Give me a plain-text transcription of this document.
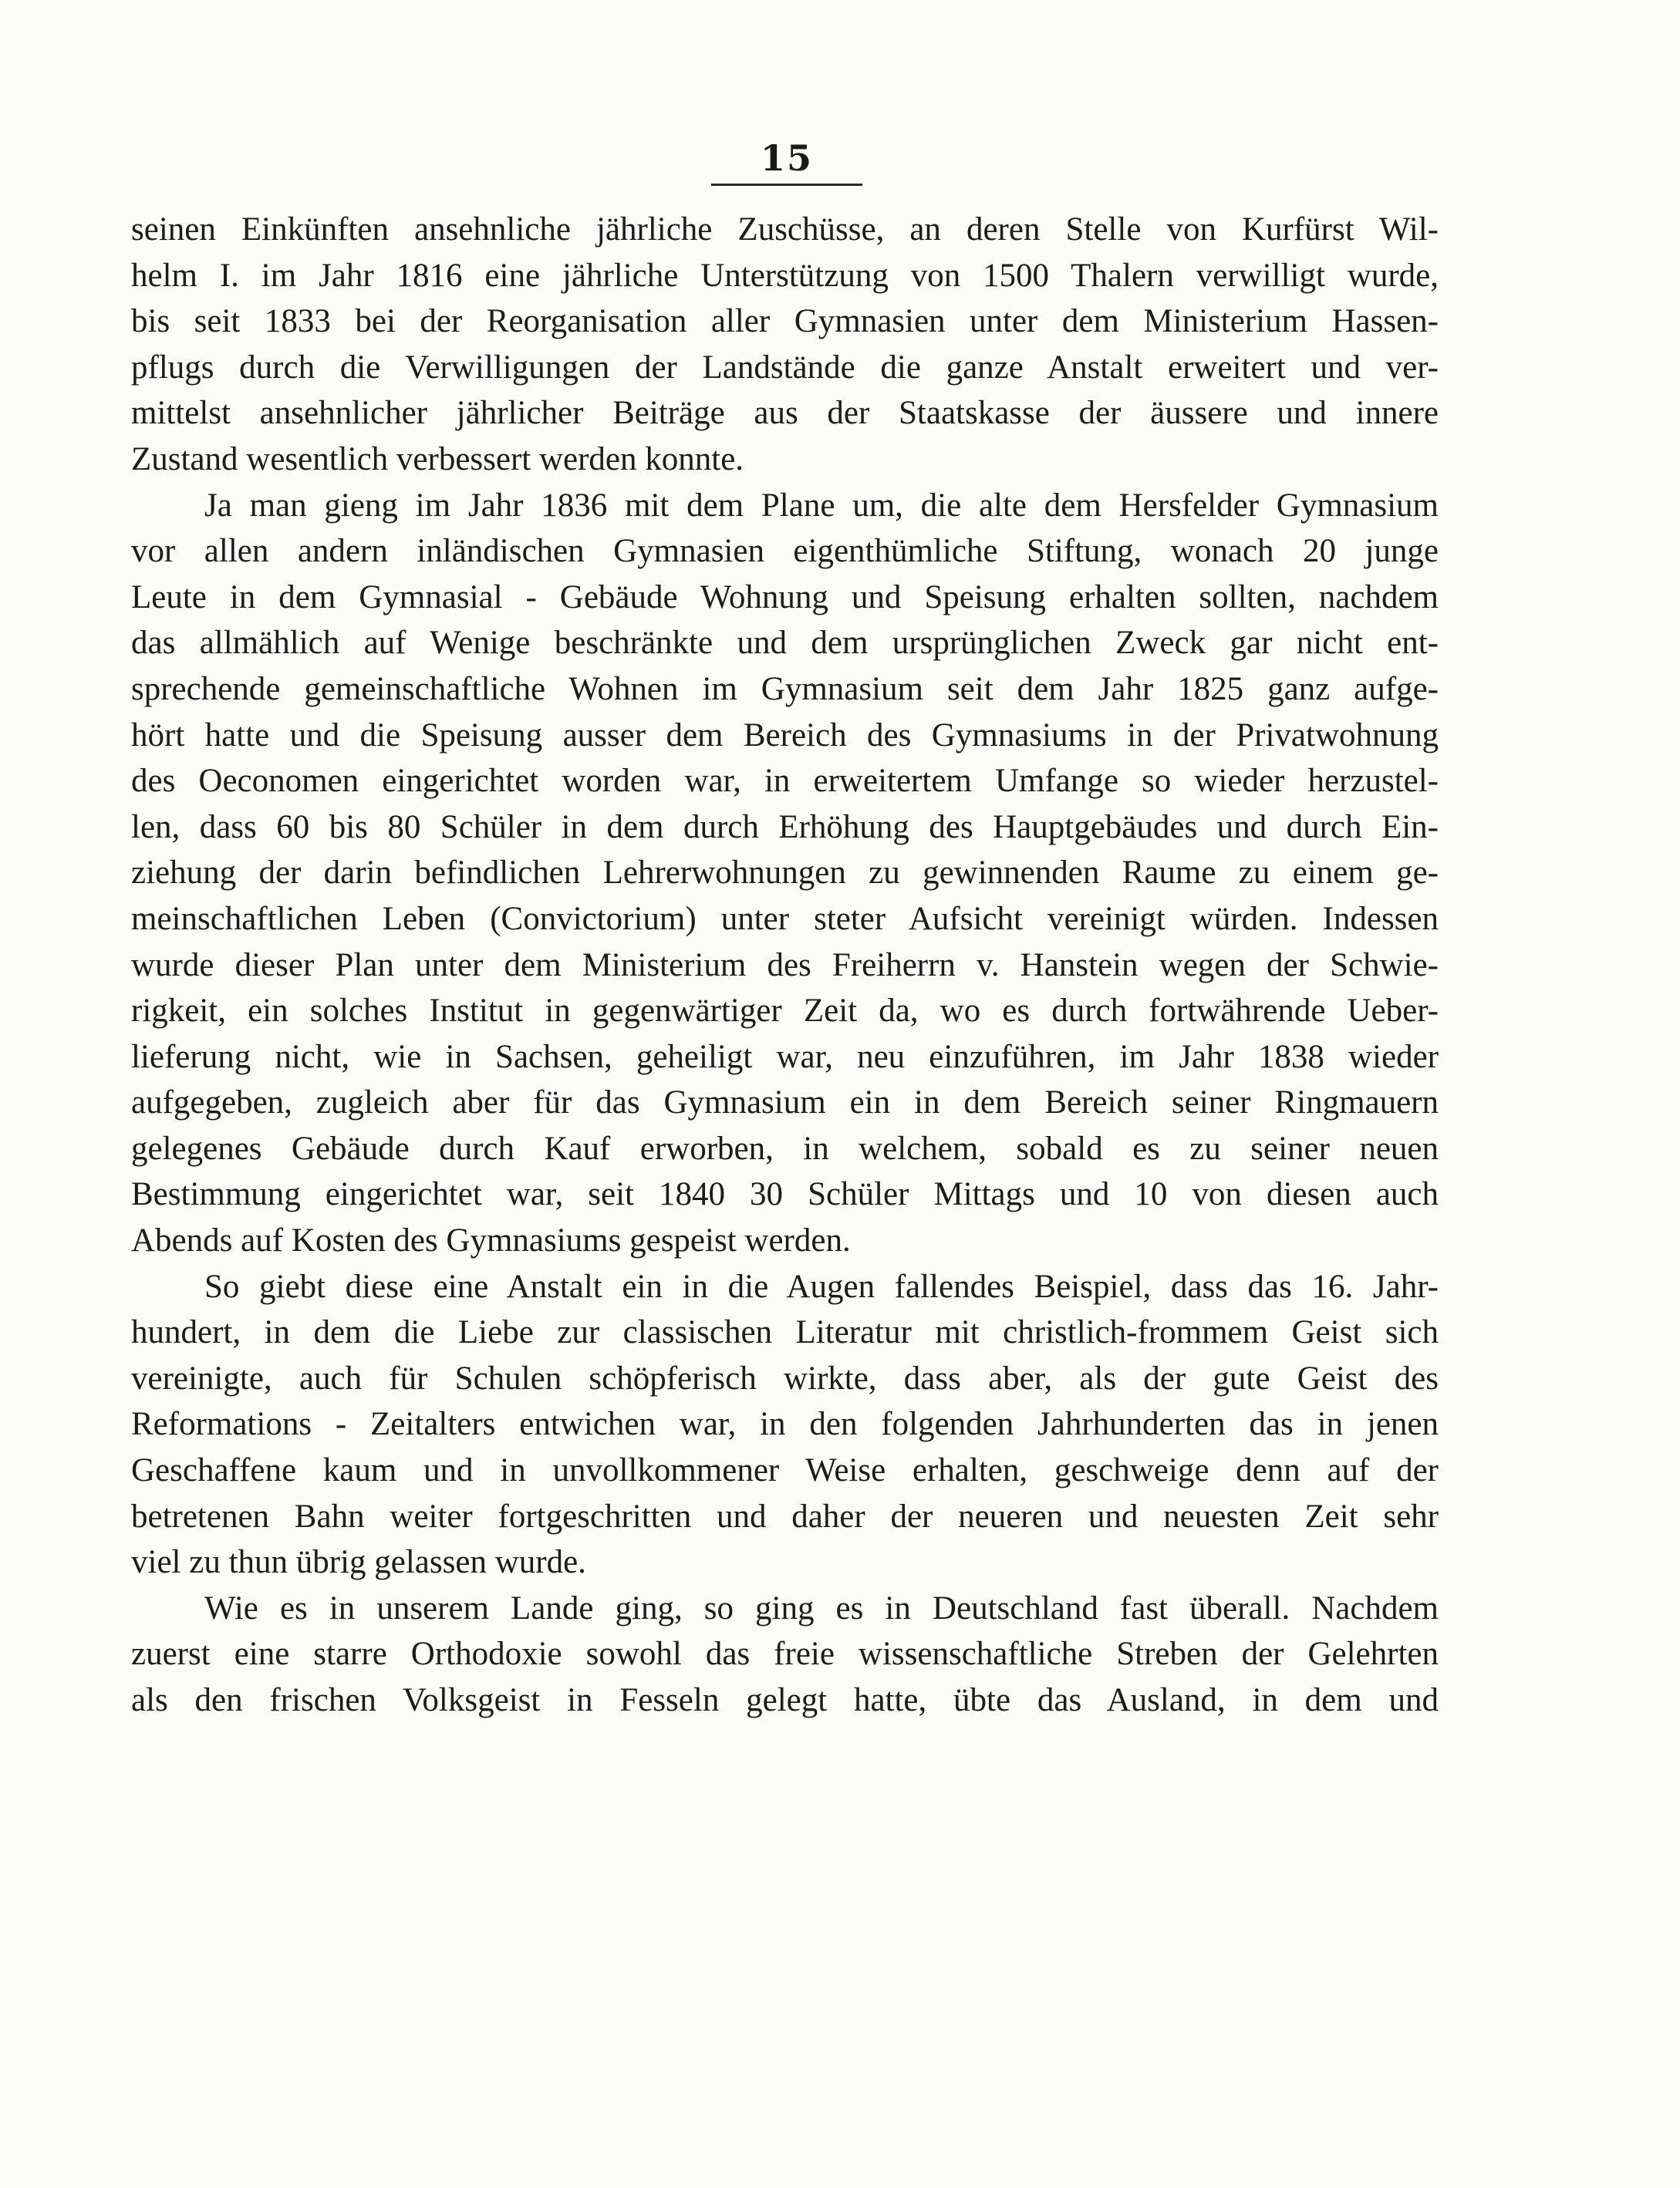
15
seinen Einkünften ansehnliche jährliche Zuschüsse, an deren Stelle von Kurfürst Wil-
helm I. im Jahr 1816 eine jährliche Unterstützung von 1500 Thalern verwilligt wurde,
bis seit 1833 bei der Reorganisation aller Gymnasien unter dem Ministerium Hassen-
pflugs durch die Verwilligungen der Landstände die ganze Anstalt erweitert und ver-
mittelst ansehnlicher jährlicher Beiträge aus der Staatskasse der äussere und innere
Zustand wesentlich verbessert werden konnte.
Ja man gieng im Jahr 1836 mit dem Plane um, die alte dem Hersfelder Gymnasium
vor allen andern inländischen Gymnasien eigenthümliche Stiftung, wonach 20 junge
Leute in dem Gymnasial - Gebäude Wohnung und Speisung erhalten sollten, nachdem
das allmählich auf Wenige beschränkte und dem ursprünglichen Zweck gar nicht ent-
sprechende gemeinschaftliche Wohnen im Gymnasium seit dem Jahr 1825 ganz aufge-
hört hatte und die Speisung ausser dem Bereich des Gymnasiums in der Privatwohnung
des Oeconomen eingerichtet worden war, in erweitertem Umfange so wieder herzustel-
len, dass 60 bis 80 Schüler in dem durch Erhöhung des Hauptgebäudes und durch Ein-
ziehung der darin befindlichen Lehrerwohnungen zu gewinnenden Raume zu einem ge-
meinschaftlichen Leben (Convictorium) unter steter Aufsicht vereinigt würden. Indessen
wurde dieser Plan unter dem Ministerium des Freiherrn v. Hanstein wegen der Schwie-
rigkeit, ein solches Institut in gegenwärtiger Zeit da, wo es durch fortwährende Ueber-
lieferung nicht, wie in Sachsen, geheiligt war, neu einzuführen, im Jahr 1838 wieder
aufgegeben, zugleich aber für das Gymnasium ein in dem Bereich seiner Ringmauern
gelegenes Gebäude durch Kauf erworben, in welchem, sobald es zu seiner neuen
Bestimmung eingerichtet war, seit 1840 30 Schüler Mittags und 10 von diesen auch
Abends auf Kosten des Gymnasiums gespeist werden.
So giebt diese eine Anstalt ein in die Augen fallendes Beispiel, dass das 16. Jahr-
hundert, in dem die Liebe zur classischen Literatur mit christlich-frommem Geist sich
vereinigte, auch für Schulen schöpferisch wirkte, dass aber, als der gute Geist des
Reformations - Zeitalters entwichen war, in den folgenden Jahrhunderten das in jenen
Geschaffene kaum und in unvollkommener Weise erhalten, geschweige denn auf der
betretenen Bahn weiter fortgeschritten und daher der neueren und neuesten Zeit sehr
viel zu thun übrig gelassen wurde.
Wie es in unserem Lande ging, so ging es in Deutschland fast überall. Nachdem
zuerst eine starre Orthodoxie sowohl das freie wissenschaftliche Streben der Gelehrten
als den frischen Volksgeist in Fesseln gelegt hatte, übte das Ausland, in dem und
